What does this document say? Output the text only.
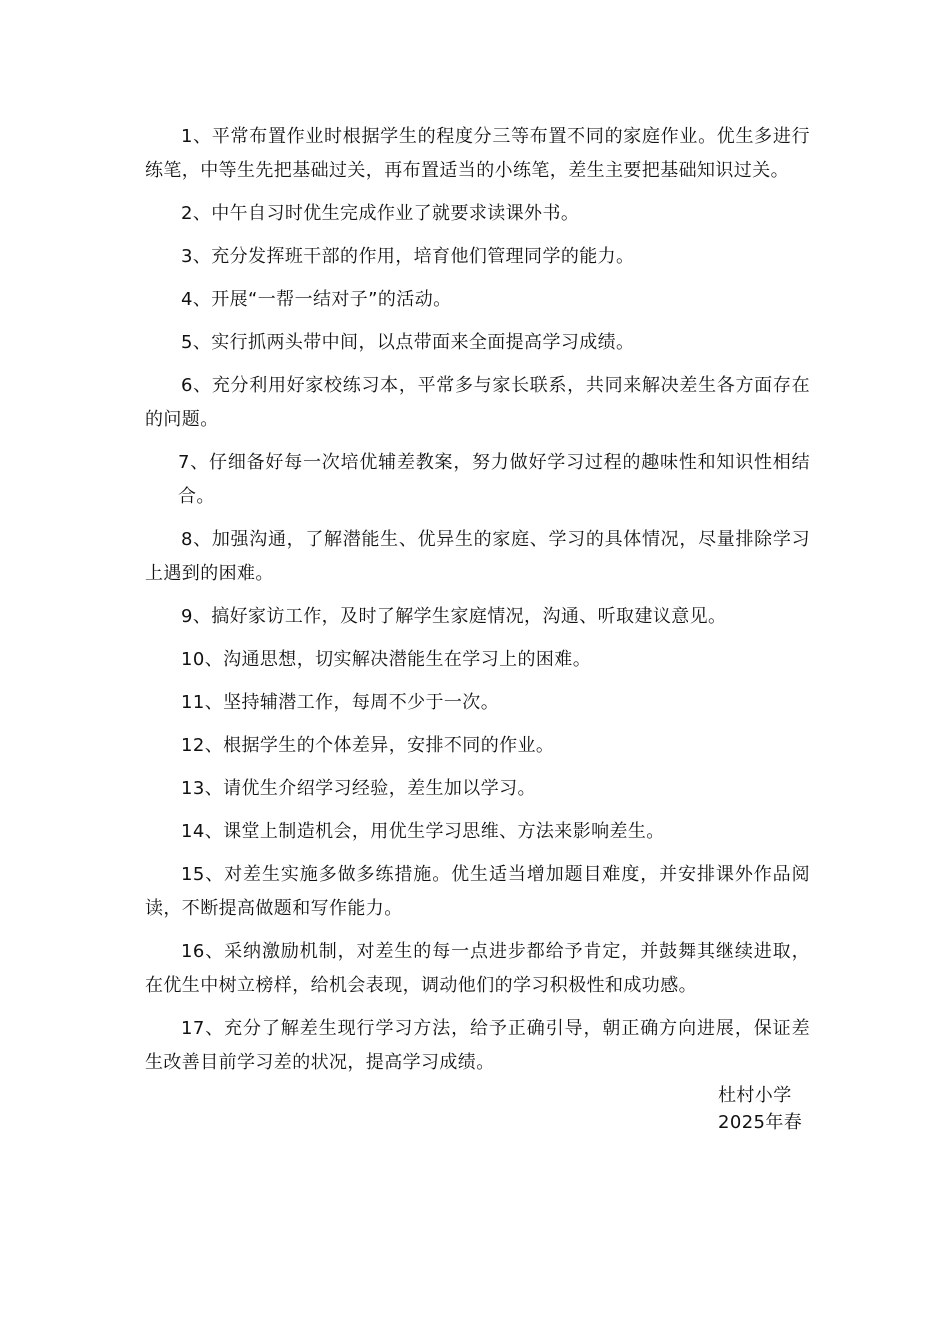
1、平常布置作业时根据学生的程度分三等布置不同的家庭作业。优生多进行练笔，中等生先把基础过关，再布置适当的小练笔，差生主要把基础知识过关。

2、中午自习时优生完成作业了就要求读课外书。

3、充分发挥班干部的作用，培育他们管理同学的能力。

4、开展“一帮一结对子”的活动。

5、实行抓两头带中间，以点带面来全面提高学习成绩。

6、充分利用好家校练习本，平常多与家长联系，共同来解决差生各方面存在的问题。

7、仔细备好每一次培优辅差教案，努力做好学习过程的趣味性和知识性相结合。

8、加强沟通，了解潜能生、优异生的家庭、学习的具体情况，尽量排除学习上遇到的困难。

9、搞好家访工作，及时了解学生家庭情况，沟通、听取建议意见。

10、沟通思想，切实解决潜能生在学习上的困难。

11、坚持辅潜工作，每周不少于一次。

12、根据学生的个体差异，安排不同的作业。

13、请优生介绍学习经验，差生加以学习。

14、课堂上制造机会，用优生学习思维、方法来影响差生。

15、对差生实施多做多练措施。优生适当增加题目难度，并安排课外作品阅读，不断提高做题和写作能力。

16、采纳激励机制，对差生的每一点进步都给予肯定，并鼓舞其继续进取，在优生中树立榜样，给机会表现，调动他们的学习积极性和成功感。

17、充分了解差生现行学习方法，给予正确引导，朝正确方向进展，保证差生改善目前学习差的状况，提高学习成绩。

杜村小学
2025年春
